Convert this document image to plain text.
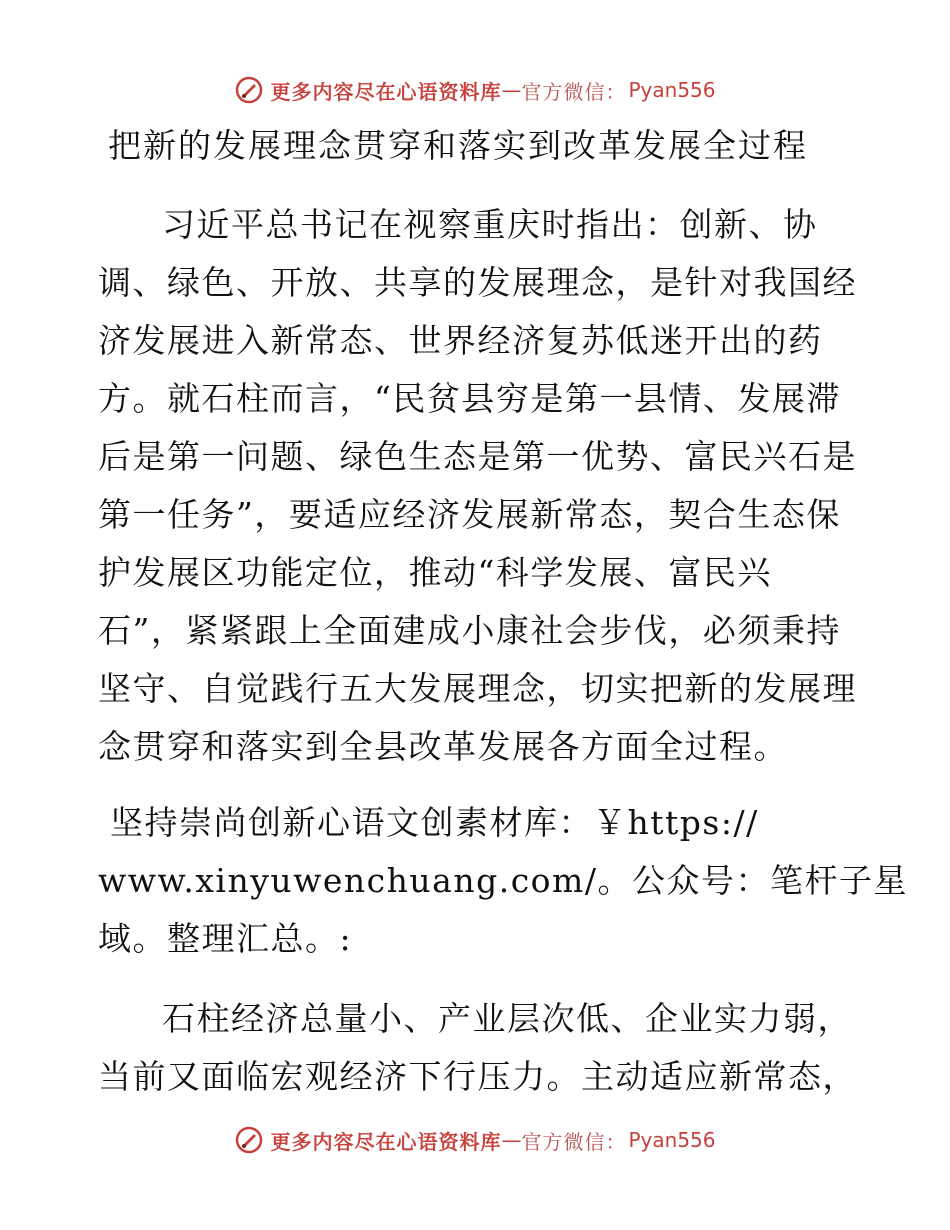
更多内容尽在心语资料库 — 官方微信： Pyan556
把新的发展理念贯穿和落实到改革发展全过程
习近平总书记在视察重庆时指出：创新、协
调、绿色、开放、共享的发展理念，是针对我国经
济发展进入新常态、世界经济复苏低迷开出的药
方。就石柱而言，“民贫县穷是第一县情、发展滞
后是第一问题、绿色生态是第一优势、富民兴石是
第一任务”，要适应经济发展新常态，契合生态保
护发展区功能定位，推动“科学发展、富民兴
石”，紧紧跟上全面建成小康社会步伐，必须秉持
坚守、自觉践行五大发展理念，切实把新的发展理
念贯穿和落实到全县改革发展各方面全过程。
坚持崇尚创新心语文创素材库：￥https://
www.xinyuwenchuang.com/。公众号：笔杆子星
域。整理汇总。:
石柱经济总量小、产业层次低、企业实力弱，
当前又面临宏观经济下行压力。主动适应新常态，
更多内容尽在心语资料库 — 官方微信： Pyan556
